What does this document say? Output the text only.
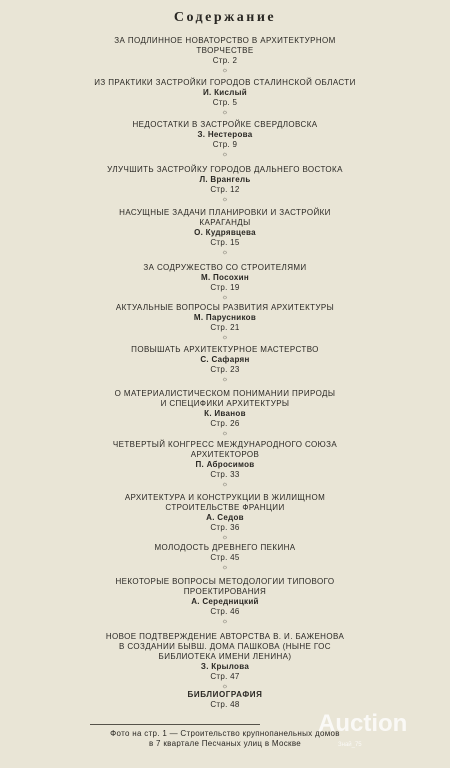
Содержание
ЗА ПОДЛИННОЕ НОВАТОРСТВО В АРХИТЕКТУРНОМ
ТВОРЧЕСТВЕ
Стр. 2
☼
ИЗ ПРАКТИКИ ЗАСТРОЙКИ ГОРОДОВ СТАЛИНСКОЙ ОБЛАСТИ
И. Кислый
Стр. 5
☼
НЕДОСТАТКИ В ЗАСТРОЙКЕ СВЕРДЛОВСКА
З. Нестерова
Стр. 9
☼
УЛУЧШИТЬ ЗАСТРОЙКУ ГОРОДОВ ДАЛЬНЕГО ВОСТОКА
Л. Врангель
Стр. 12
☼
НАСУЩНЫЕ ЗАДАЧИ ПЛАНИРОВКИ И ЗАСТРОЙКИ
КАРАГАНДЫ
О. Кудрявцева
Стр. 15
☼
ЗА СОДРУЖЕСТВО СО СТРОИТЕЛЯМИ
М. Посохин
Стр. 19
☼
АКТУАЛЬНЫЕ ВОПРОСЫ РАЗВИТИЯ АРХИТЕКТУРЫ
М. Парусников
Стр. 21
☼
ПОВЫШАТЬ АРХИТЕКТУРНОЕ МАСТЕРСТВО
С. Сафарян
Стр. 23
☼
О МАТЕРИАЛИСТИЧЕСКОМ ПОНИМАНИИ ПРИРОДЫ
И СПЕЦИФИКИ АРХИТЕКТУРЫ
К. Иванов
Стр. 26
☼
ЧЕТВЕРТЫЙ КОНГРЕСС МЕЖДУНАРОДНОГО СОЮЗА
АРХИТЕКТОРОВ
П. Абросимов
Стр. 33
☼
АРХИТЕКТУРА И КОНСТРУКЦИИ В ЖИЛИЩНОМ
СТРОИТЕЛЬСТВЕ ФРАНЦИИ
А. Седов
Стр. 36
☼
МОЛОДОСТЬ ДРЕВНЕГО ПЕКИНА
Стр. 45
☼
НЕКОТОРЫЕ ВОПРОСЫ МЕТОДОЛОГИИ ТИПОВОГО
ПРОЕКТИРОВАНИЯ
А. Середницкий
Стр. 46
☼
НОВОЕ ПОДТВЕРЖДЕНИЕ АВТОРСТВА В. И. БАЖЕНОВА
В СОЗДАНИИ БЫВШ. ДОМА ПАШКОВА (НЫНЕ ГОС
БИБЛИОТЕКА ИМЕНИ ЛЕНИНА)
З. Крылова
Стр. 47
☼
БИБЛИОГРАФИЯ
Стр. 48
Фото на стр. 1 — Строительство крупнопанельных домов
в 7 квартале Песчаных улиц в Москве
Auction
Знай_75
